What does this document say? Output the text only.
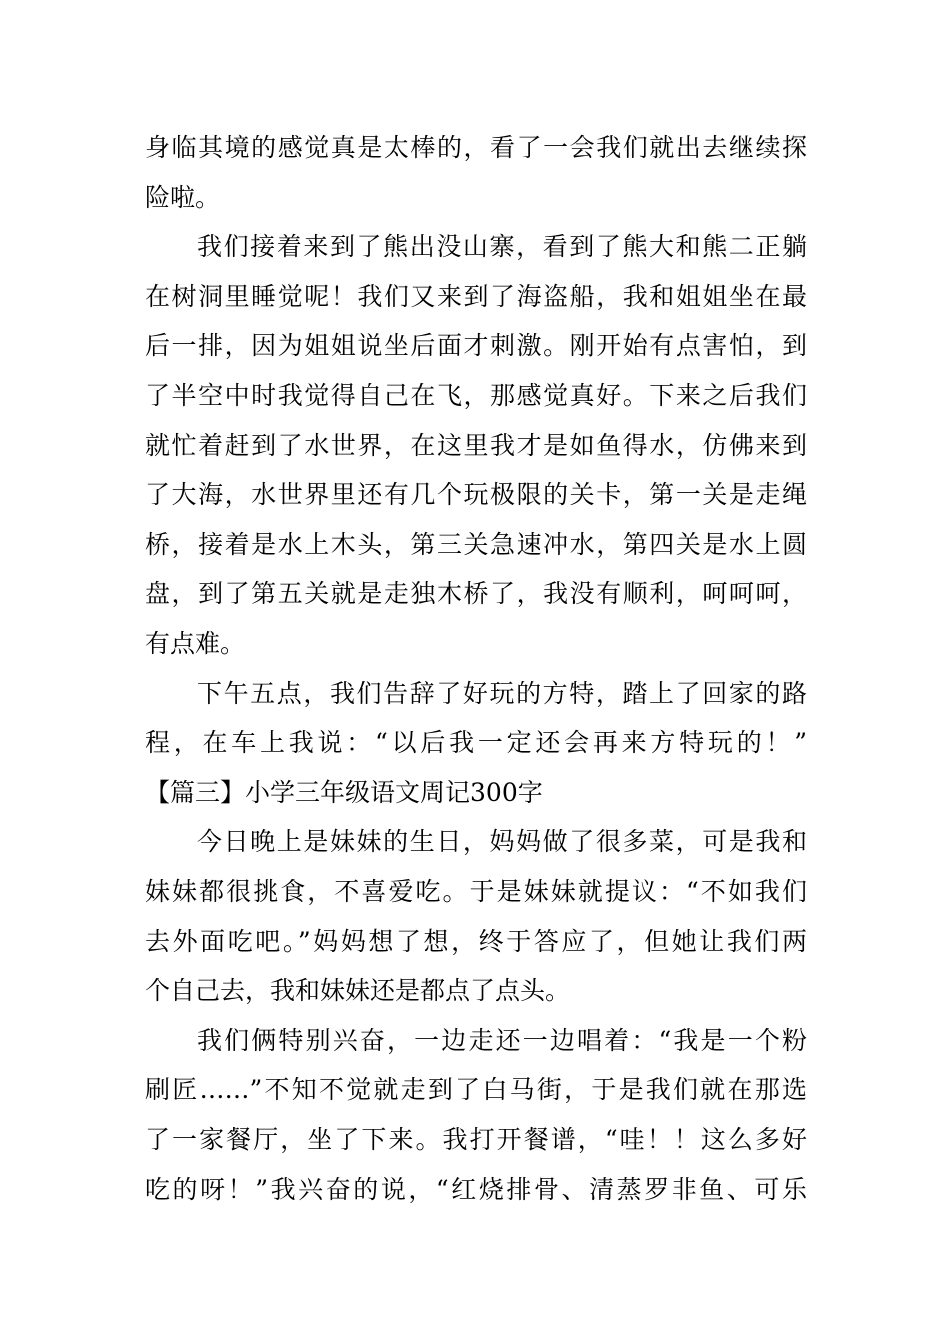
身临其境的感觉真是太棒的，看了一会我们就出去继续探
险啦。
我们接着来到了熊出没山寨，看到了熊大和熊二正躺
在树洞里睡觉呢！我们又来到了海盗船，我和姐姐坐在最
后一排，因为姐姐说坐后面才刺激。刚开始有点害怕，到
了半空中时我觉得自己在飞，那感觉真好。下来之后我们
就忙着赶到了水世界，在这里我才是如鱼得水，仿佛来到
了大海，水世界里还有几个玩极限的关卡，第一关是走绳
桥，接着是水上木头，第三关急速冲水，第四关是水上圆
盘，到了第五关就是走独木桥了，我没有顺利，呵呵呵，
有点难。
下午五点，我们告辞了好玩的方特，踏上了回家的路
程，在车上我说：“以后我一定还会再来方特玩的！”
【篇三】小学三年级语文周记300字
今日晚上是妹妹的生日，妈妈做了很多菜，可是我和
妹妹都很挑食，不喜爱吃。于是妹妹就提议：“不如我们
去外面吃吧。”妈妈想了想，终于答应了，但她让我们两
个自己去，我和妹妹还是都点了点头。
我们俩特别兴奋，一边走还一边唱着：“我是一个粉
刷匠……”不知不觉就走到了白马街，于是我们就在那选
了一家餐厅，坐了下来。我打开餐谱，“哇！！这么多好
吃的呀！”我兴奋的说，“红烧排骨、清蒸罗非鱼、可乐
